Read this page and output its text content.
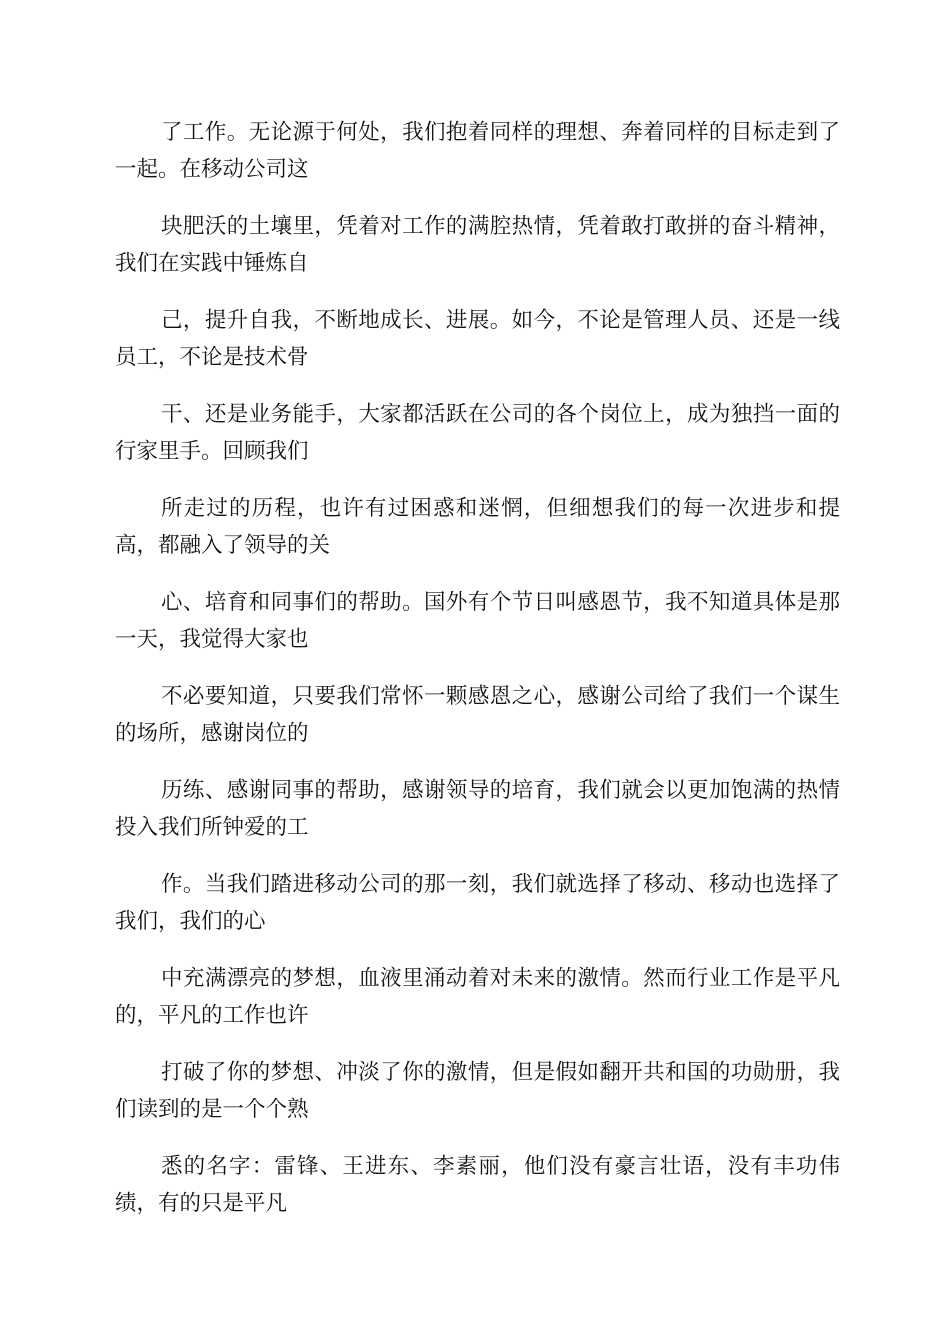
了工作。无论源于何处，我们抱着同样的理想、奔着同样的目标走到了一起。在移动公司这

块肥沃的土壤里，凭着对工作的满腔热情，凭着敢打敢拼的奋斗精神，我们在实践中锤炼自

己，提升自我，不断地成长、进展。如今，不论是管理人员、还是一线员工，不论是技术骨

干、还是业务能手，大家都活跃在公司的各个岗位上，成为独挡一面的行家里手。回顾我们

所走过的历程，也许有过困惑和迷惘，但细想我们的每一次进步和提高，都融入了领导的关

心、培育和同事们的帮助。国外有个节日叫感恩节，我不知道具体是那一天，我觉得大家也

不必要知道，只要我们常怀一颗感恩之心，感谢公司给了我们一个谋生的场所，感谢岗位的

历练、感谢同事的帮助，感谢领导的培育，我们就会以更加饱满的热情投入我们所钟爱的工

作。当我们踏进移动公司的那一刻，我们就选择了移动、移动也选择了我们，我们的心

中充满漂亮的梦想，血液里涌动着对未来的激情。然而行业工作是平凡的，平凡的工作也许

打破了你的梦想、冲淡了你的激情，但是假如翻开共和国的功勋册，我们读到的是一个个熟

悉的名字：雷锋、王进东、李素丽，他们没有豪言壮语，没有丰功伟绩，有的只是平凡
